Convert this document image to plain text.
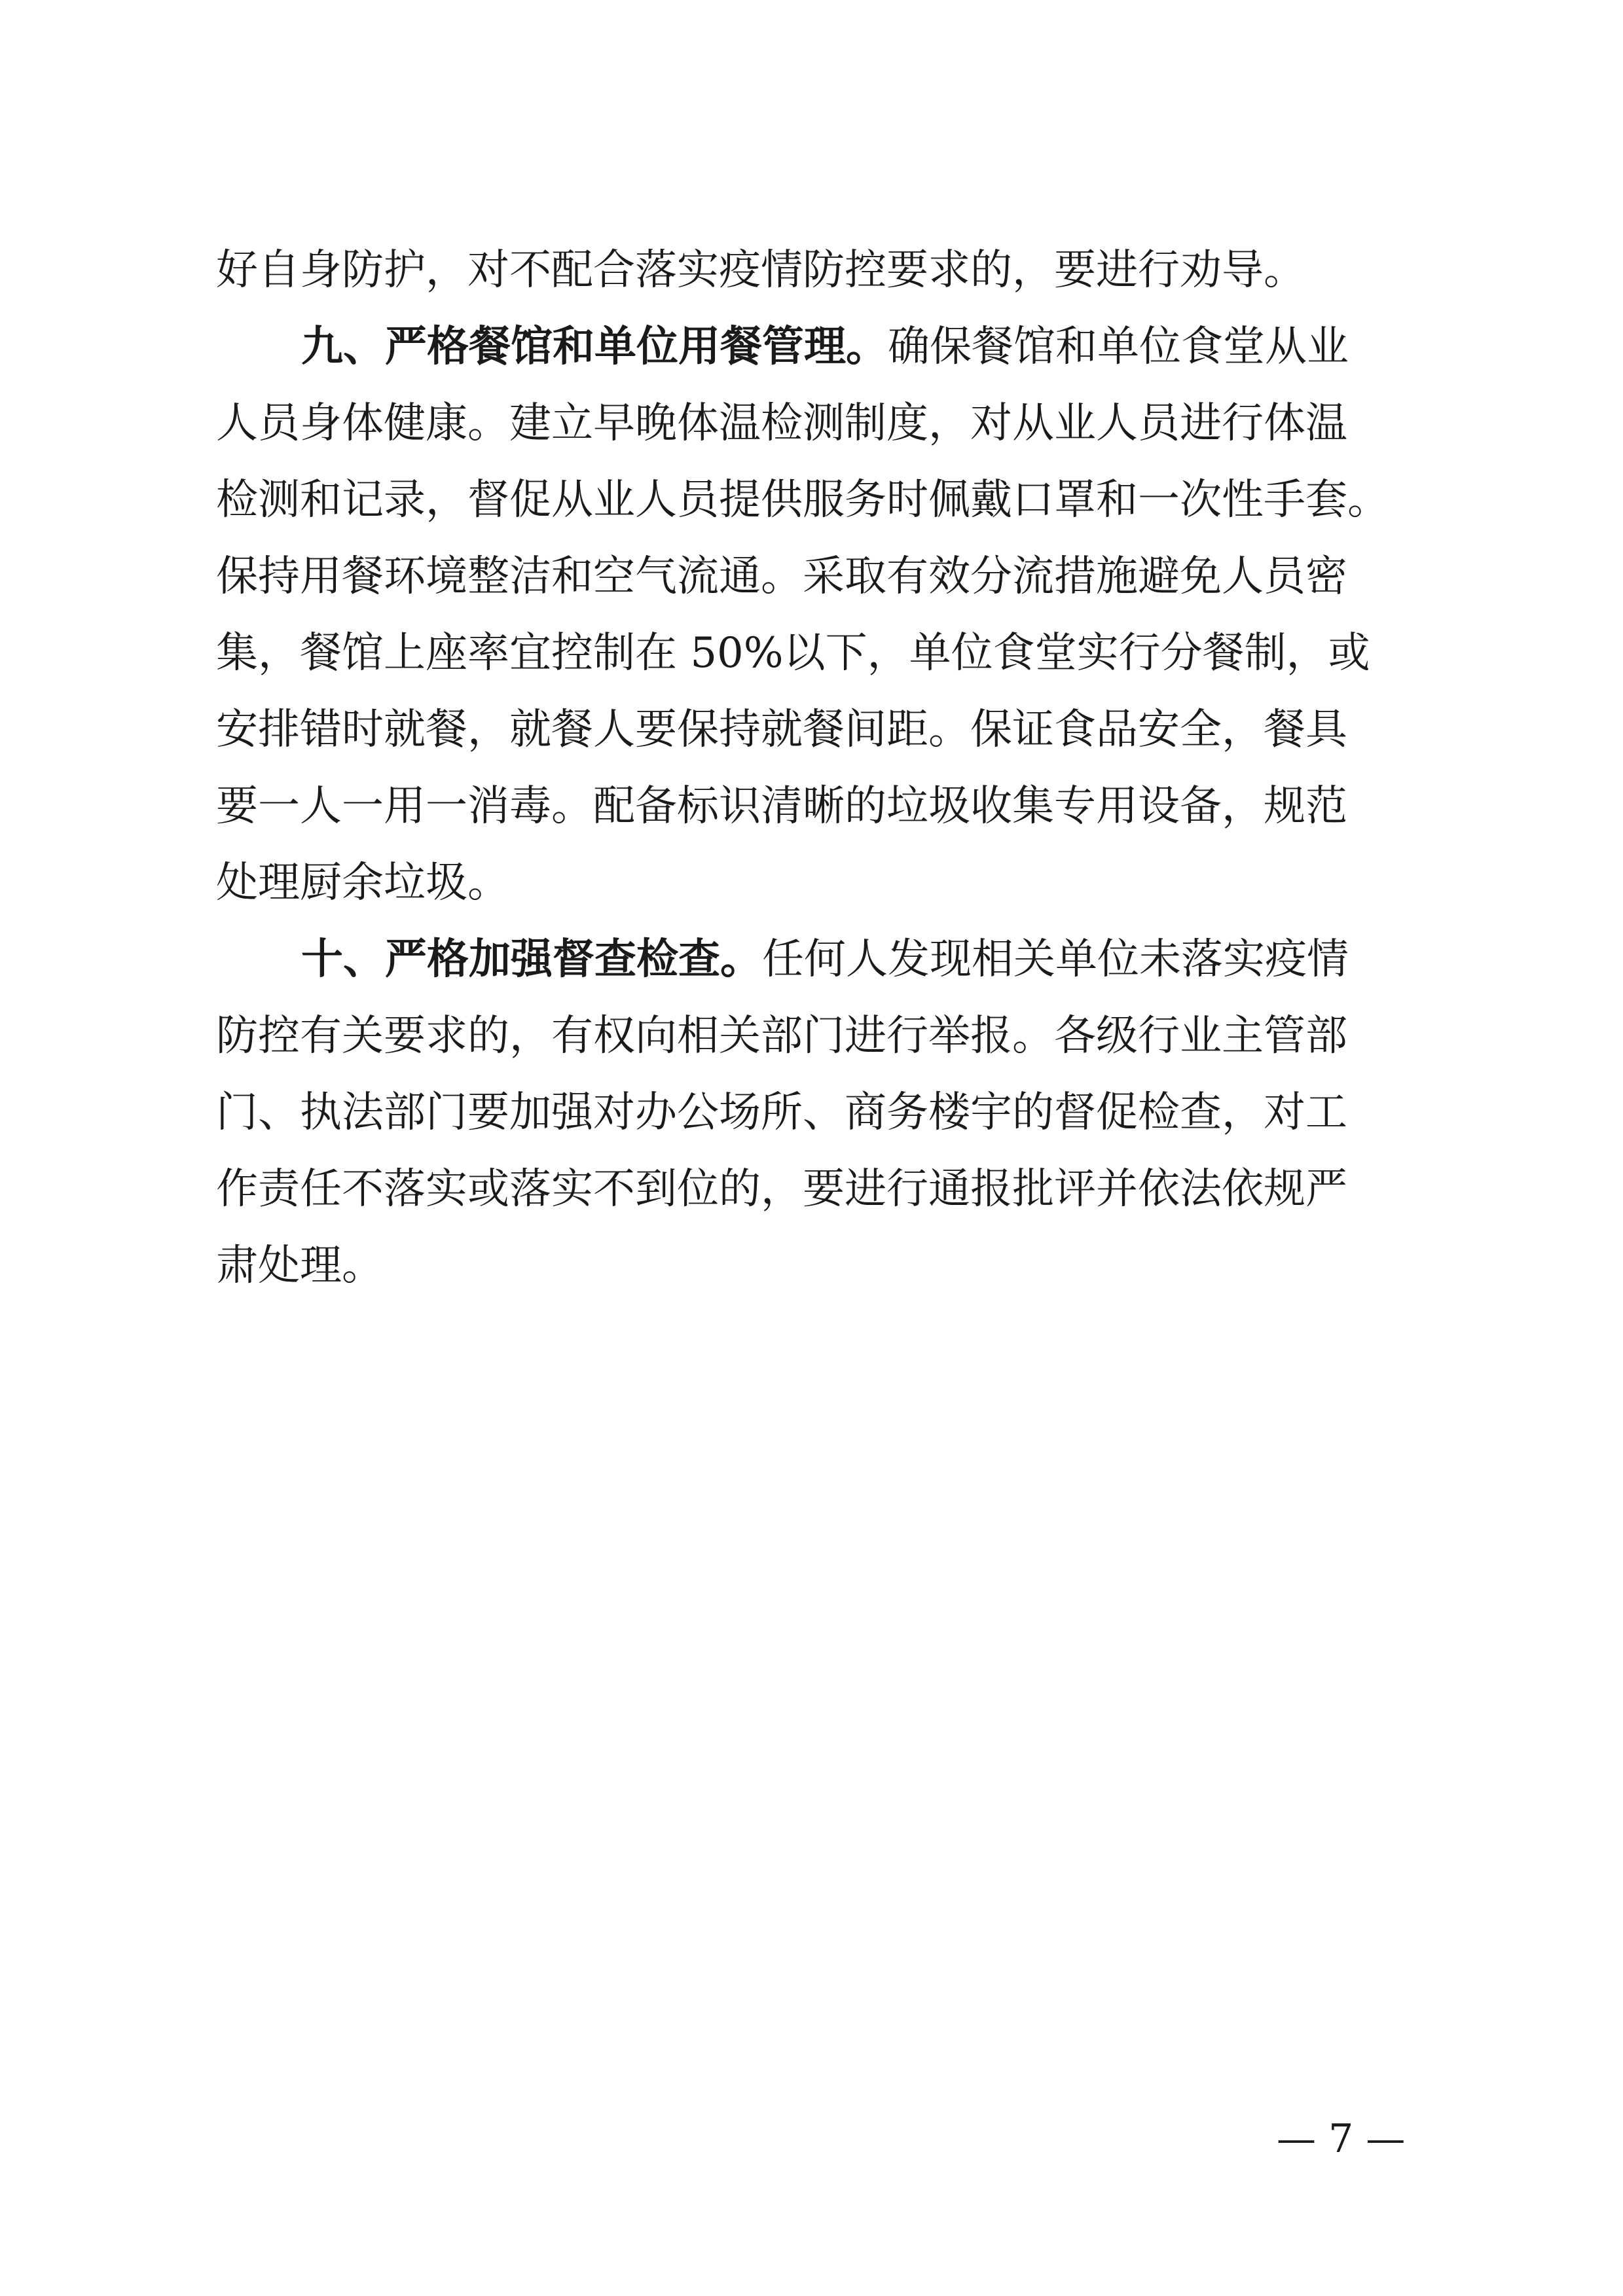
好自身防护，对不配合落实疫情防控要求的，要进行劝导。
九、严格餐馆和单位用餐管理。确保餐馆和单位食堂从业
人员身体健康。建立早晚体温检测制度，对从业人员进行体温
检测和记录，督促从业人员提供服务时佩戴口罩和一次性手套。
保持用餐环境整洁和空气流通。采取有效分流措施避免人员密
集，餐馆上座率宜控制在 50%以下，单位食堂实行分餐制，或
安排错时就餐，就餐人要保持就餐间距。保证食品安全，餐具
要一人一用一消毒。配备标识清晰的垃圾收集专用设备，规范
处理厨余垃圾。
十、严格加强督查检查。任何人发现相关单位未落实疫情
防控有关要求的，有权向相关部门进行举报。各级行业主管部
门、执法部门要加强对办公场所、商务楼宇的督促检查，对工
作责任不落实或落实不到位的，要进行通报批评并依法依规严
肃处理。
— 7 —
